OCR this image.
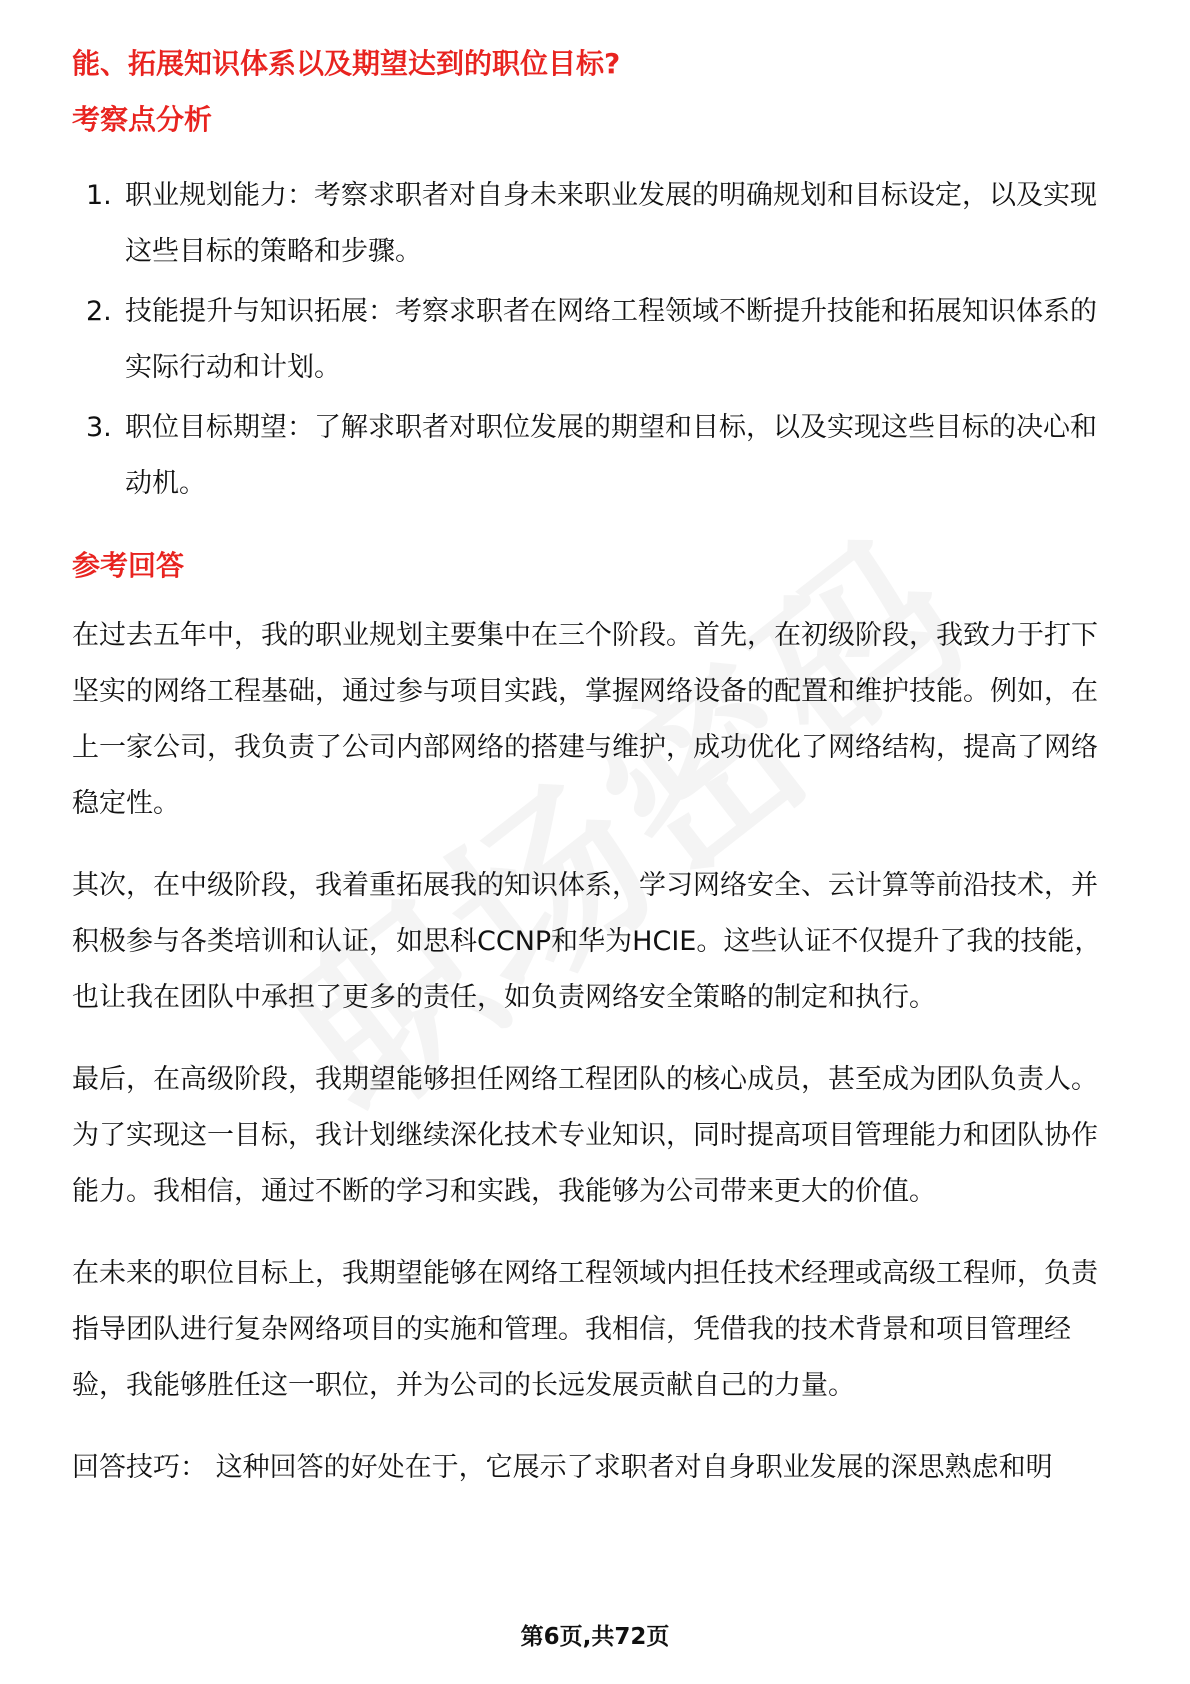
能、拓展知识体系以及期望达到的职位目标?
考察点分析
1. 职业规划能力：考察求职者对自身未来职业发展的明确规划和目标设定，以及实现这些目标的策略和步骤。
2. 技能提升与知识拓展：考察求职者在网络工程领域不断提升技能和拓展知识体系的实际行动和计划。
3. 职位目标期望：了解求职者对职位发展的期望和目标，以及实现这些目标的决心和动机。
参考回答

在过去五年中，我的职业规划主要集中在三个阶段。首先，在初级阶段，我致力于打下坚实的网络工程基础，通过参与项目实践，掌握网络设备的配置和维护技能。例如，在上一家公司，我负责了公司内部网络的搭建与维护，成功优化了网络结构，提高了网络稳定性。

其次，在中级阶段，我着重拓展我的知识体系，学习网络安全、云计算等前沿技术，并积极参与各类培训和认证，如思科CCNP和华为HCIE。这些认证不仅提升了我的技能，也让我在团队中承担了更多的责任，如负责网络安全策略的制定和执行。

最后，在高级阶段，我期望能够担任网络工程团队的核心成员，甚至成为团队负责人。为了实现这一目标，我计划继续深化技术专业知识，同时提高项目管理能力和团队协作能力。我相信，通过不断的学习和实践，我能够为公司带来更大的价值。

在未来的职位目标上，我期望能够在网络工程领域内担任技术经理或高级工程师，负责指导团队进行复杂网络项目的实施和管理。我相信，凭借我的技术背景和项目管理经验，我能够胜任这一职位，并为公司的长远发展贡献自己的力量。

回答技巧： 这种回答的好处在于，它展示了求职者对自身职业发展的深思熟虑和明

第6页,共72页
